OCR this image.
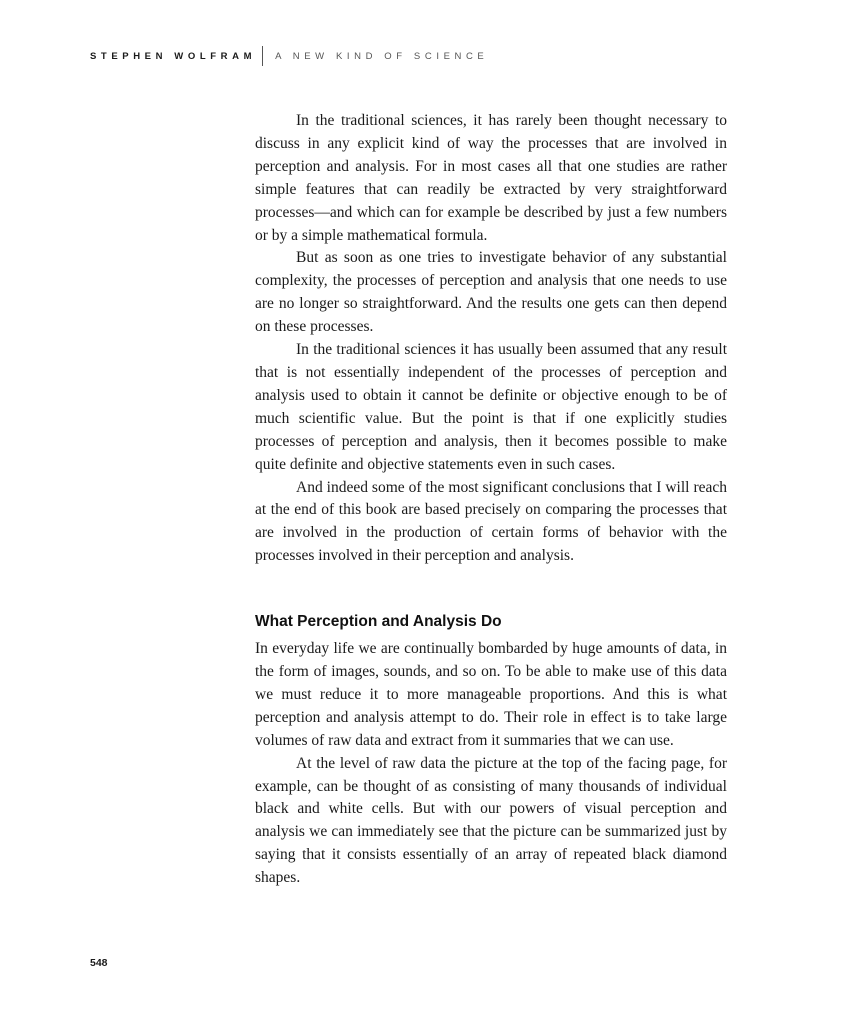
STEPHEN WOLFRAM A NEW KIND OF SCIENCE

In the traditional sciences, it has rarely been thought necessary to discuss in any explicit kind of way the processes that are involved in perception and analysis. For in most cases all that one studies are rather simple features that can readily be extracted by very straightforward processes—and which can for example be described by just a few numbers or by a simple mathematical formula.

But as soon as one tries to investigate behavior of any substantial complexity, the processes of perception and analysis that one needs to use are no longer so straightforward. And the results one gets can then depend on these processes.

In the traditional sciences it has usually been assumed that any result that is not essentially independent of the processes of perception and analysis used to obtain it cannot be definite or objective enough to be of much scientific value. But the point is that if one explicitly studies processes of perception and analysis, then it becomes possible to make quite definite and objective statements even in such cases.

And indeed some of the most significant conclusions that I will reach at the end of this book are based precisely on comparing the processes that are involved in the production of certain forms of behavior with the processes involved in their perception and analysis.

What Perception and Analysis Do

In everyday life we are continually bombarded by huge amounts of data, in the form of images, sounds, and so on. To be able to make use of this data we must reduce it to more manageable proportions. And this is what perception and analysis attempt to do. Their role in effect is to take large volumes of raw data and extract from it summaries that we can use.

At the level of raw data the picture at the top of the facing page, for example, can be thought of as consisting of many thousands of individual black and white cells. But with our powers of visual perception and analysis we can immediately see that the picture can be summarized just by saying that it consists essentially of an array of repeated black diamond shapes.

548
